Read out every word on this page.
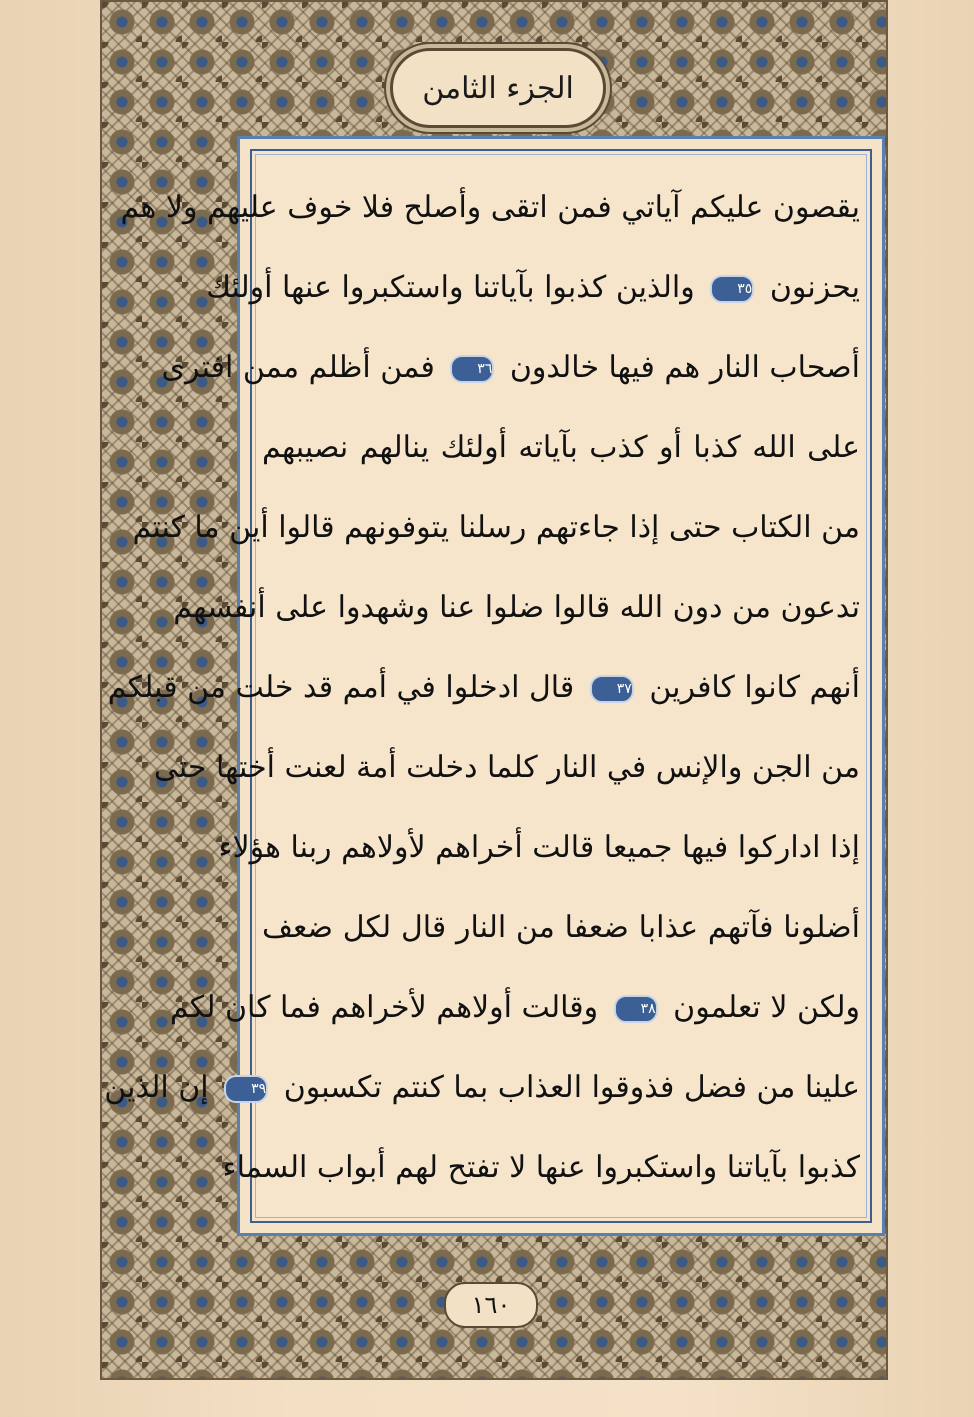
الجزء الثامن
يقصون عليكم آياتي فمن اتقى وأصلح فلا خوف عليهم ولا هم
يحزنون ٣٥ والذين كذبوا بآياتنا واستكبروا عنها أولئك
أصحاب النار هم فيها خالدون ٣٦ فمن أظلم ممن افترى
على الله كذبا أو كذب بآياته أولئك ينالهم نصيبهم
من الكتاب حتى إذا جاءتهم رسلنا يتوفونهم قالوا أين ما كنتم
تدعون من دون الله قالوا ضلوا عنا وشهدوا على أنفسهم
أنهم كانوا كافرين ٣٧ قال ادخلوا في أمم قد خلت من قبلكم
من الجن والإنس في النار كلما دخلت أمة لعنت أختها حتى
إذا اداركوا فيها جميعا قالت أخراهم لأولاهم ربنا هؤلاء
أضلونا فآتهم عذابا ضعفا من النار قال لكل ضعف
ولكن لا تعلمون ٣٨ وقالت أولاهم لأخراهم فما كان لكم
علينا من فضل فذوقوا العذاب بما كنتم تكسبون ٣٩ إن الذين
كذبوا بآياتنا واستكبروا عنها لا تفتح لهم أبواب السماء
١٦٠
